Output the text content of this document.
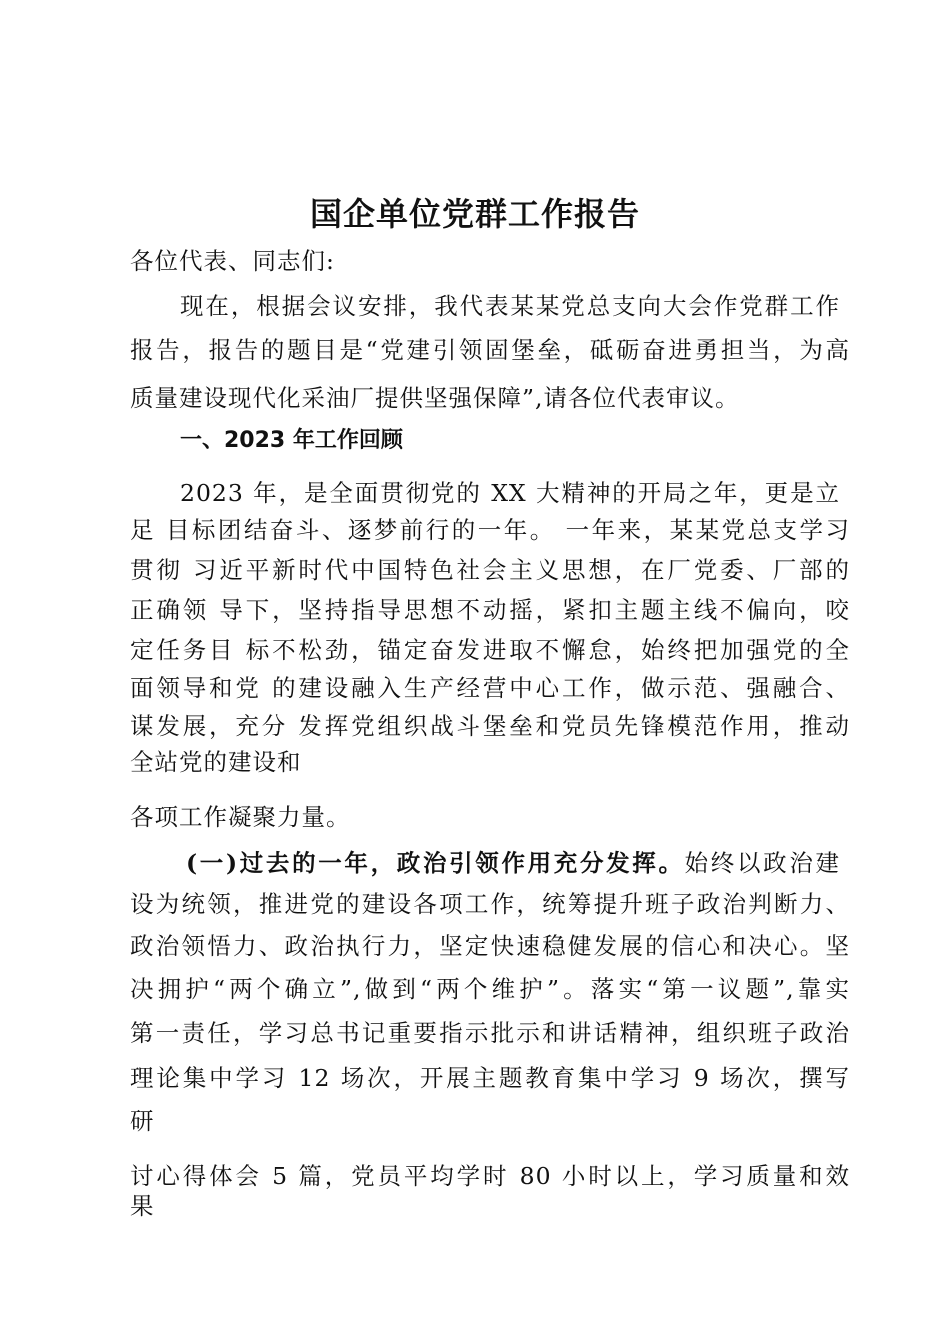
国企单位党群工作报告
各位代表、同志们:
现在，根据会议安排，我代表某某党总支向大会作党群工作
报告，报告的题目是“党建引领固堡垒，砥砺奋进勇担当，为高
质量建设现代化采油厂提供坚强保障”,请各位代表审议。
一、2023 年工作回顾
2023 年，是全面贯彻党的 XX 大精神的开局之年，更是立
足 目标团结奋斗、逐梦前行的一年。 一年来，某某党总支学习
贯彻 习近平新时代中国特色社会主义思想，在厂党委、厂部的
正确领 导下，坚持指导思想不动摇，紧扣主题主线不偏向，咬
定任务目 标不松劲，锚定奋发进取不懈怠，始终把加强党的全
面领导和党 的建设融入生产经营中心工作，做示范、强融合、
谋发展，充分 发挥党组织战斗堡垒和党员先锋模范作用，推动
全站党的建设和
各项工作凝聚力量。
(一)过去的一年，政治引领作用充分发挥。始终以政治建
设为统领，推进党的建设各项工作，统筹提升班子政治判断力、
政治领悟力、政治执行力，坚定快速稳健发展的信心和决心。坚
决拥护“两个确立”,做到“两个维护”。落实“第一议题”,靠实
第一责任，学习总书记重要指示批示和讲话精神，组织班子政治
理论集中学习 12 场次，开展主题教育集中学习 9 场次，撰写
研
讨心得体会 5 篇，党员平均学时 80 小时以上，学习质量和效
果
